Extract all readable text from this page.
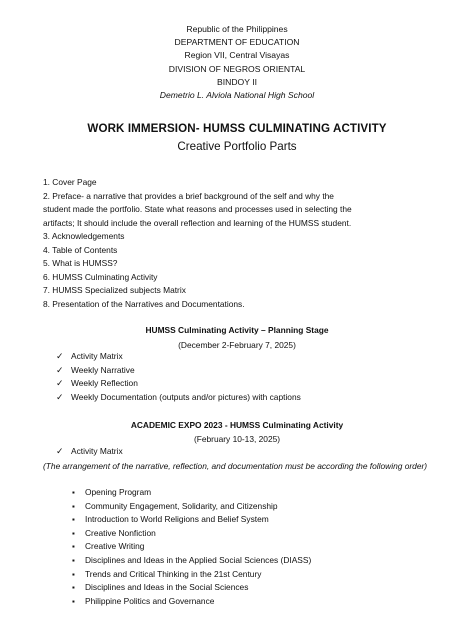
Republic of the Philippines
DEPARTMENT OF EDUCATION
Region VII, Central Visayas
DIVISION OF NEGROS ORIENTAL
BINDOY II
Demetrio L. Alviola National High School
WORK IMMERSION- HUMSS CULMINATING ACTIVITY
Creative Portfolio Parts
1. Cover Page
2. Preface- a narrative that provides a brief background of the self and why the student made the portfolio. State what reasons and processes used in selecting the artifacts; It should include the overall reflection and learning of the HUMSS student.
3. Acknowledgements
4. Table of Contents
5. What is HUMSS?
6. HUMSS Culminating Activity
7. HUMSS Specialized subjects Matrix
8. Presentation of the Narratives and Documentations.
HUMSS Culminating Activity – Planning Stage
(December 2-February 7, 2025)
✓ Activity Matrix
✓ Weekly Narrative
✓ Weekly Reflection
✓ Weekly Documentation (outputs and/or pictures) with captions
ACADEMIC EXPO 2023 - HUMSS Culminating Activity
(February 10-13, 2025)
✓ Activity Matrix
(The arrangement of the narrative, reflection, and documentation must be according the following order)
▪	Opening Program
▪	Community Engagement, Solidarity, and Citizenship
▪	Introduction to World Religions and Belief System
▪	Creative Nonfiction
▪	Creative Writing
▪	Disciplines and Ideas in the Applied Social Sciences (DIASS)
▪	Trends and Critical Thinking in the 21st Century
▪	Disciplines and Ideas in the Social Sciences
▪	Philippine Politics and Governance
